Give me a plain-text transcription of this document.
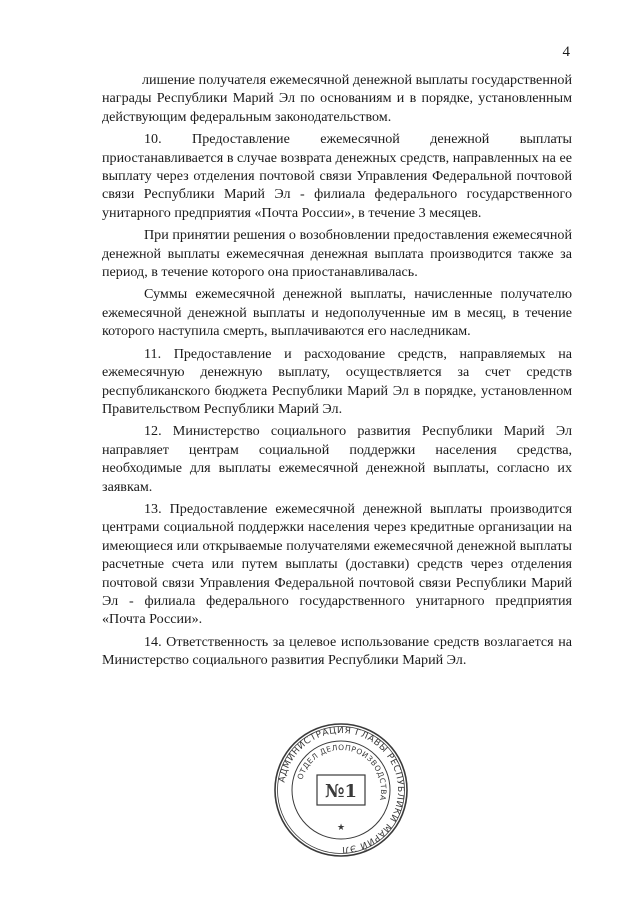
4

лишение получателя ежемесячной денежной выплаты государственной награды Республики Марий Эл по основаниям и в порядке, установленным действующим федеральным законодательством.

10. Предоставление ежемесячной денежной выплаты приостанавливается в случае возврата денежных средств, направленных на ее выплату через отделения почтовой связи Управления Федеральной почтовой связи Республики Марий Эл - филиала федерального государственного унитарного предприятия «Почта России», в течение 3 месяцев.

При принятии решения о возобновлении предоставления ежемесячной денежной выплаты ежемесячная денежная выплата производится также за период, в течение которого она приостанавливалась.

Суммы ежемесячной денежной выплаты, начисленные получателю ежемесячной денежной выплаты и недополученные им в месяц, в течение которого наступила смерть, выплачиваются его наследникам.

11. Предоставление и расходование средств, направляемых на ежемесячную денежную выплату, осуществляется за счет средств республиканского бюджета Республики Марий Эл в порядке, установленном Правительством Республики Марий Эл.

12. Министерство социального развития Республики Марий Эл направляет центрам социальной поддержки населения средства, необходимые для выплаты ежемесячной денежной выплаты, согласно их заявкам.

13. Предоставление ежемесячной денежной выплаты производится центрами социальной поддержки населения через кредитные организации на имеющиеся или открываемые получателями ежемесячной денежной выплаты расчетные счета или путем выплаты (доставки) средств через отделения почтовой связи Управления Федеральной почтовой связи Республики Марий Эл - филиала федерального государственного унитарного предприятия «Почта России».

14. Ответственность за целевое использование средств возлагается на Министерство социального развития Республики Марий Эл.

АДМИНИСТРАЦИЯ ГЛАВЫ РЕСПУБЛИКИ МАРИЙ ЭЛ
ОТДЕЛ ДЕЛОПРОИЗВОДСТВА
№1
★
